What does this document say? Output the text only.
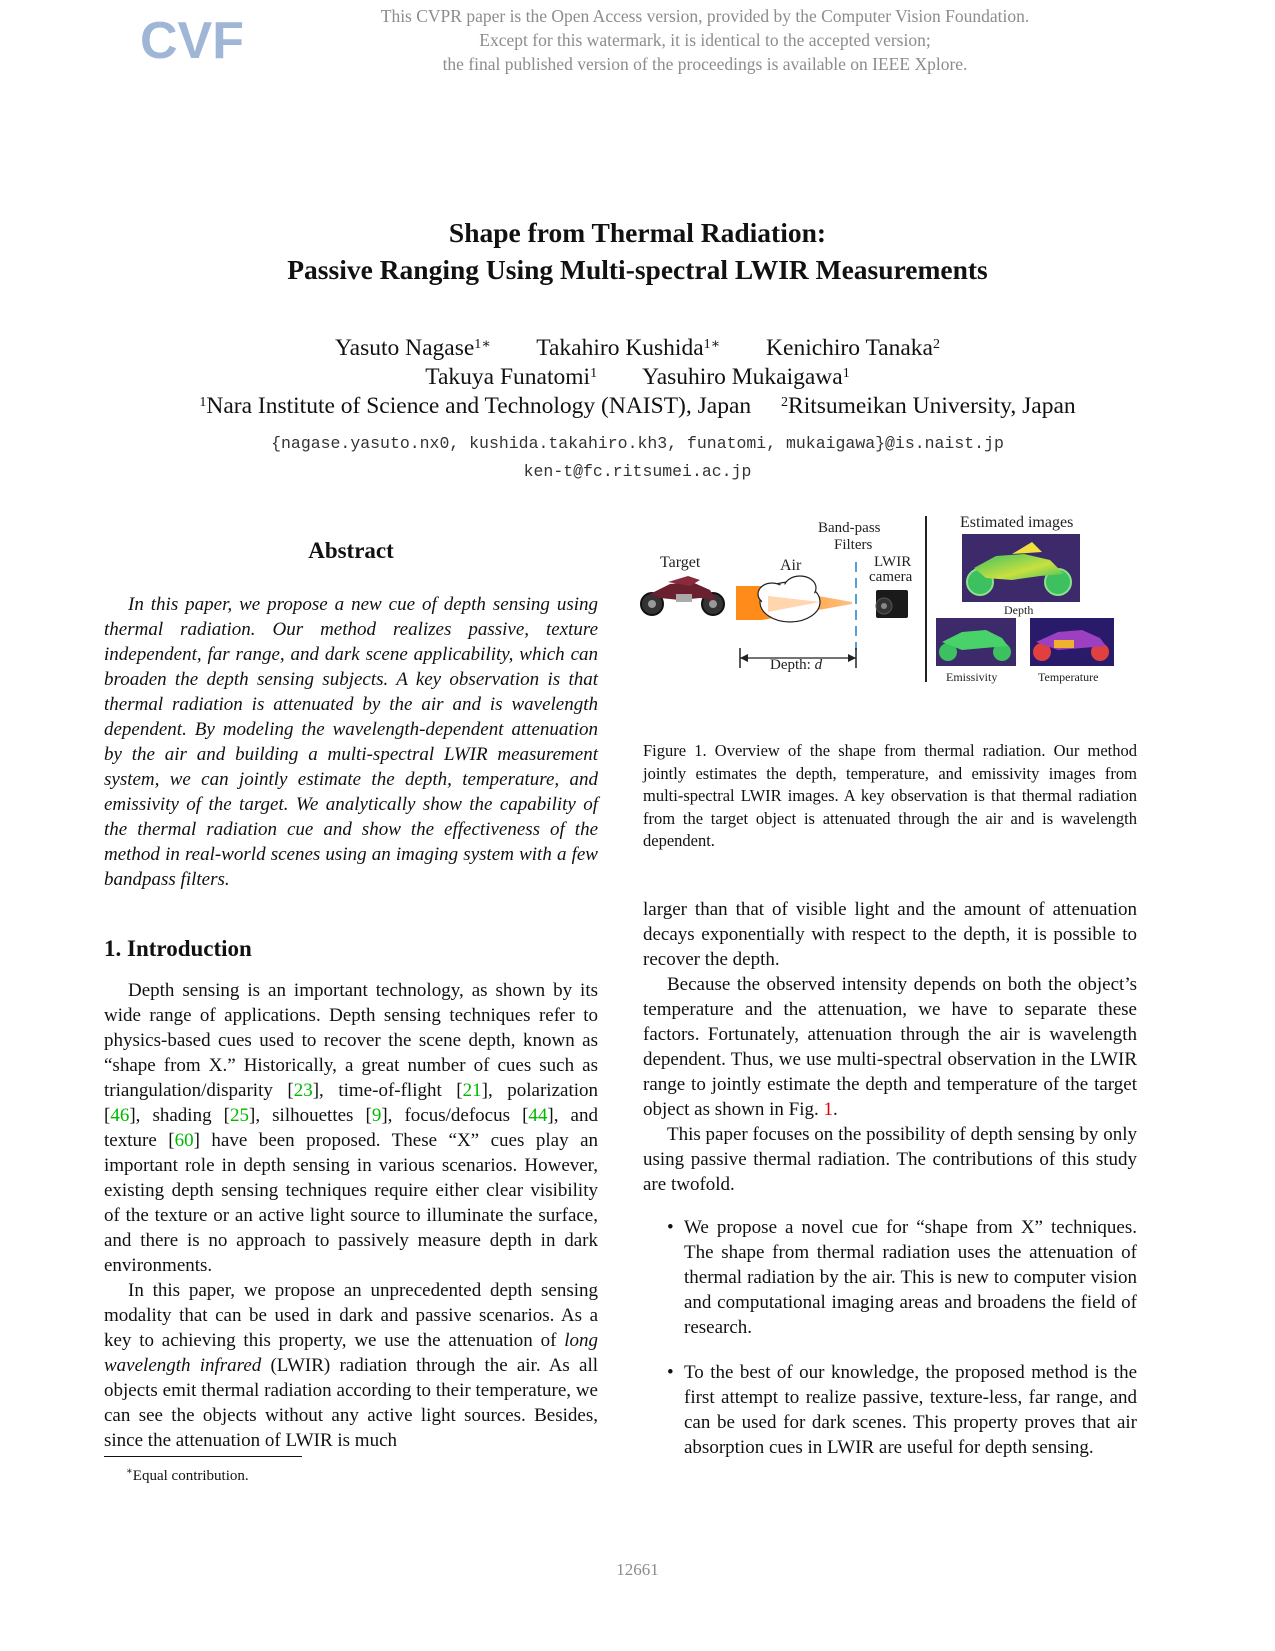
CVF	This CVPR paper is the Open Access version, provided by the Computer Vision Foundation.
Except for this watermark, it is identical to the accepted version;
the final published version of the proceedings is available on IEEE Xplore.
Shape from Thermal Radiation:
Passive Ranging Using Multi-spectral LWIR Measurements
Yasuto Nagase$^{1∗}$ Takahiro Kushida$^{1∗}$ Kenichiro Tanaka$^2$
Takuya Funatomi$^1$ Yasuhiro Mukaigawa$^1$
$^1$Nara Institute of Science and Technology (NAIST), Japan $^2$Ritsumeikan University, Japan
{nagase.yasuto.nx0, kushida.takahiro.kh3, funatomi, mukaigawa}@is.naist.jp
ken-t@fc.ritsumei.ac.jp
Abstract

In this paper, we propose a new cue of depth sensing using thermal radiation. Our method realizes passive, texture independent, far range, and dark scene applicability, which can broaden the depth sensing subjects. A key observation is that thermal radiation is attenuated by the air and is wavelength dependent. By modeling the wavelength-dependent attenuation by the air and building a multi-spectral LWIR measurement system, we can jointly estimate the depth, temperature, and emissivity of the target. We analytically show the capability of the thermal radiation cue and show the effectiveness of the method in real-world scenes using an imaging system with a few bandpass filters.

1. Introduction

Depth sensing is an important technology, as shown by its wide range of applications. Depth sensing techniques refer to physics-based cues used to recover the scene depth, known as “shape from X.” Historically, a great number of cues such as triangulation/disparity [23], time-of-flight [21], polarization [46], shading [25], silhouettes [9], focus/defocus [44], and texture [60] have been proposed. These “X” cues play an important role in depth sensing in various scenarios. However, existing depth sensing techniques require either clear visibility of the texture or an active light source to illuminate the surface, and there is no approach to passively measure depth in dark environments.

In this paper, we propose an unprecedented depth sensing modality that can be used in dark and passive scenarios. As a key to achieving this property, we use the attenuation of long wavelength infrared (LWIR) radiation through the air. As all objects emit thermal radiation according to their temperature, we can see the objects without any active light sources. Besides, since the attenuation of LWIR is much

∗Equal contribution.
Target	Air
Band-pass
Filters
LWIR
camera
Depth: d
Estimated images
Depth
Emissivity	Temperature
Figure 1. Overview of the shape from thermal radiation. Our method jointly estimates the depth, temperature, and emissivity images from multi-spectral LWIR images. A key observation is that thermal radiation from the target object is attenuated through the air and is wavelength dependent.

larger than that of visible light and the amount of attenuation decays exponentially with respect to the depth, it is possible to recover the depth.

Because the observed intensity depends on both the object’s temperature and the attenuation, we have to separate these factors. Fortunately, attenuation through the air is wavelength dependent. Thus, we use multi-spectral observation in the LWIR range to jointly estimate the depth and temperature of the target object as shown in Fig. 1.

This paper focuses on the possibility of depth sensing by only using passive thermal radiation. The contributions of this study are twofold.

• We propose a novel cue for “shape from X” techniques. The shape from thermal radiation uses the attenuation of thermal radiation by the air. This is new to computer vision and computational imaging areas and broadens the field of research.
• To the best of our knowledge, the proposed method is the first attempt to realize passive, texture-less, far range, and can be used for dark scenes. This property proves that air absorption cues in LWIR are useful for depth sensing.
12661
